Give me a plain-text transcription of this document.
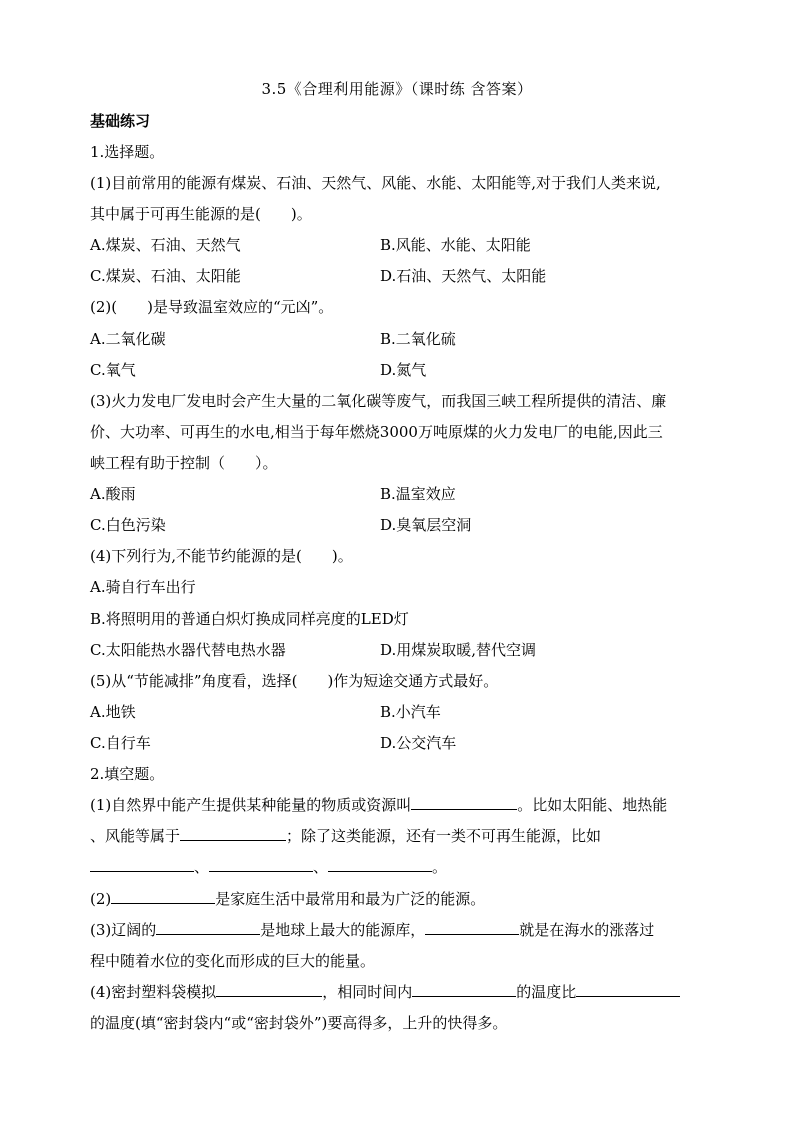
3.5《合理利用能源》（课时练 含答案）
基础练习
1.选择题。
(1)目前常用的能源有煤炭、石油、天然气、风能、水能、太阳能等,对于我们人类来说,
其中属于可再生能源的是(　　)。
A.煤炭、石油、天然气	B.风能、水能、太阳能
C.煤炭、石油、太阳能	D.石油、天然气、太阳能
(2)(　　)是导致温室效应的“元凶”。
A.二氧化碳	B.二氧化硫
C.氧气	D.氮气
(3)火力发电厂发电时会产生大量的二氧化碳等废气，而我国三峡工程所提供的清洁、廉
价、大功率、可再生的水电,相当于每年燃烧3000万吨原煤的火力发电厂的电能,因此三
峡工程有助于控制（　　）。
A.酸雨	B.温室效应
C.白色污染	D.臭氧层空洞
(4)下列行为,不能节约能源的是(　　)。
A.骑自行车出行
B.将照明用的普通白炽灯换成同样亮度的LED灯
C.太阳能热水器代替电热水器	D.用煤炭取暖,替代空调
(5)从“节能减排”角度看，选择(　　)作为短途交通方式最好。
A.地铁	B.小汽车
C.自行车	D.公交汽车
2.填空题。
(1)自然界中能产生提供某种能量的物质或资源叫	。比如太阳能、地热能
、风能等属于	；除了这类能源，还有一类不可再生能源，比如
、	、	。
(2)	是家庭生活中最常用和最为广泛的能源。
(3)辽阔的	是地球上最大的能源库，	就是在海水的涨落过
程中随着水位的变化而形成的巨大的能量。
(4)密封塑料袋模拟	，相同时间内	的温度比
的温度(填“密封袋内“或“密封袋外”)要高得多，上升的快得多。
